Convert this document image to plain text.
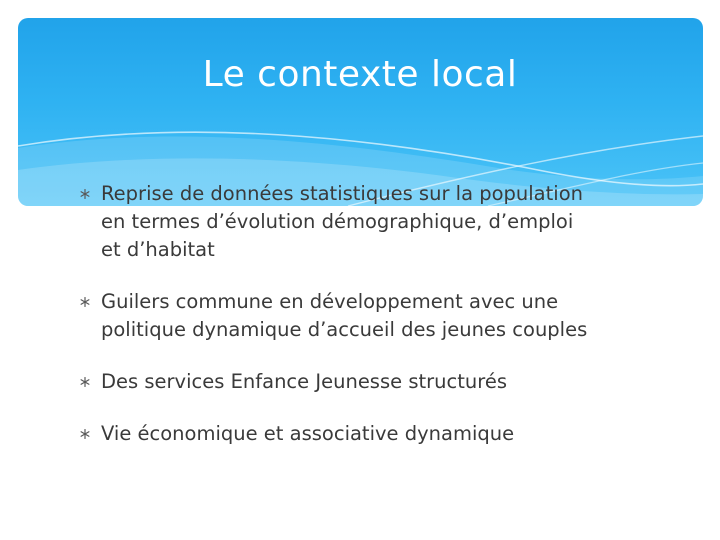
Le contexte local
Reprise de données statistiques sur la population
en termes d’évolution démographique, d’emploi
et d’habitat
Guilers commune en développement avec une
politique dynamique d’accueil des jeunes couples
Des services Enfance Jeunesse structurés
Vie économique et associative dynamique
